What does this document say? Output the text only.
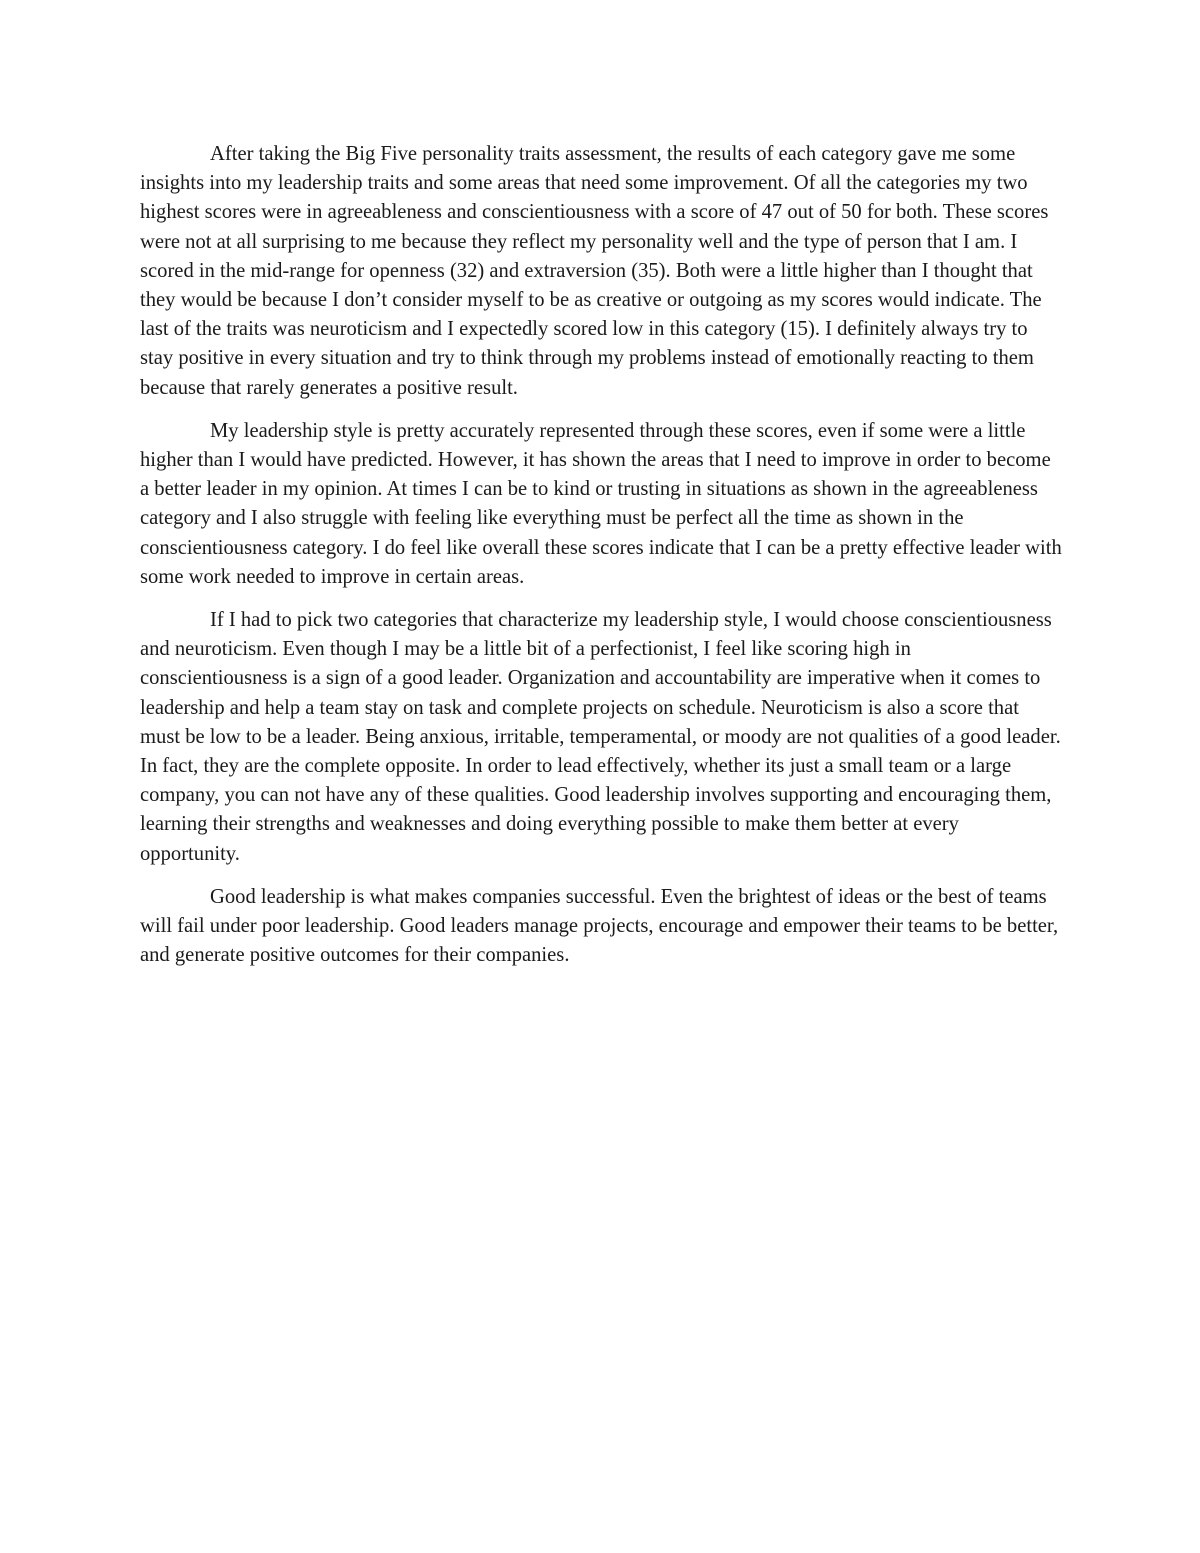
After taking the Big Five personality traits assessment, the results of each category gave me some insights into my leadership traits and some areas that need some improvement. Of all the categories my two highest scores were in agreeableness and conscientiousness with a score of 47 out of 50 for both. These scores were not at all surprising to me because they reflect my personality well and the type of person that I am. I scored in the mid-range for openness (32) and extraversion (35). Both were a little higher than I thought that they would be because I don’t consider myself to be as creative or outgoing as my scores would indicate. The last of the traits was neuroticism and I expectedly scored low in this category (15). I definitely always try to stay positive in every situation and try to think through my problems instead of emotionally reacting to them because that rarely generates a positive result.

My leadership style is pretty accurately represented through these scores, even if some were a little higher than I would have predicted. However, it has shown the areas that I need to improve in order to become a better leader in my opinion. At times I can be to kind or trusting in situations as shown in the agreeableness category and I also struggle with feeling like everything must be perfect all the time as shown in the conscientiousness category. I do feel like overall these scores indicate that I can be a pretty effective leader with some work needed to improve in certain areas.

If I had to pick two categories that characterize my leadership style, I would choose conscientiousness and neuroticism. Even though I may be a little bit of a perfectionist, I feel like scoring high in conscientiousness is a sign of a good leader. Organization and accountability are imperative when it comes to leadership and help a team stay on task and complete projects on schedule. Neuroticism is also a score that must be low to be a leader. Being anxious, irritable, temperamental, or moody are not qualities of a good leader. In fact, they are the complete opposite. In order to lead effectively, whether its just a small team or a large company, you can not have any of these qualities. Good leadership involves supporting and encouraging them, learning their strengths and weaknesses and doing everything possible to make them better at every opportunity.

Good leadership is what makes companies successful. Even the brightest of ideas or the best of teams will fail under poor leadership. Good leaders manage projects, encourage and empower their teams to be better, and generate positive outcomes for their companies.
